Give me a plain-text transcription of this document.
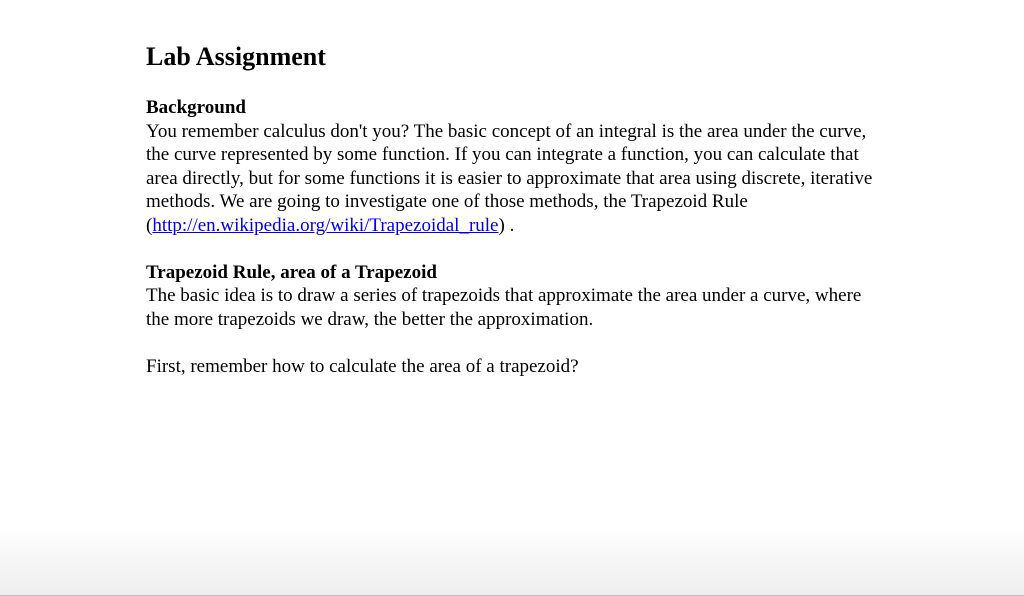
Lab Assignment
Background

You remember calculus don't you? The basic concept of an integral is the area under the curve, the curve represented by some function. If you can integrate a function, you can calculate that area directly, but for some functions it is easier to approximate that area using discrete, iterative methods. We are going to investigate one of those methods, the Trapezoid Rule (http://en.wikipedia.org/wiki/Trapezoidal_rule) .

Trapezoid Rule, area of a Trapezoid

The basic idea is to draw a series of trapezoids that approximate the area under a curve, where the more trapezoids we draw, the better the approximation.

First, remember how to calculate the area of a trapezoid?
